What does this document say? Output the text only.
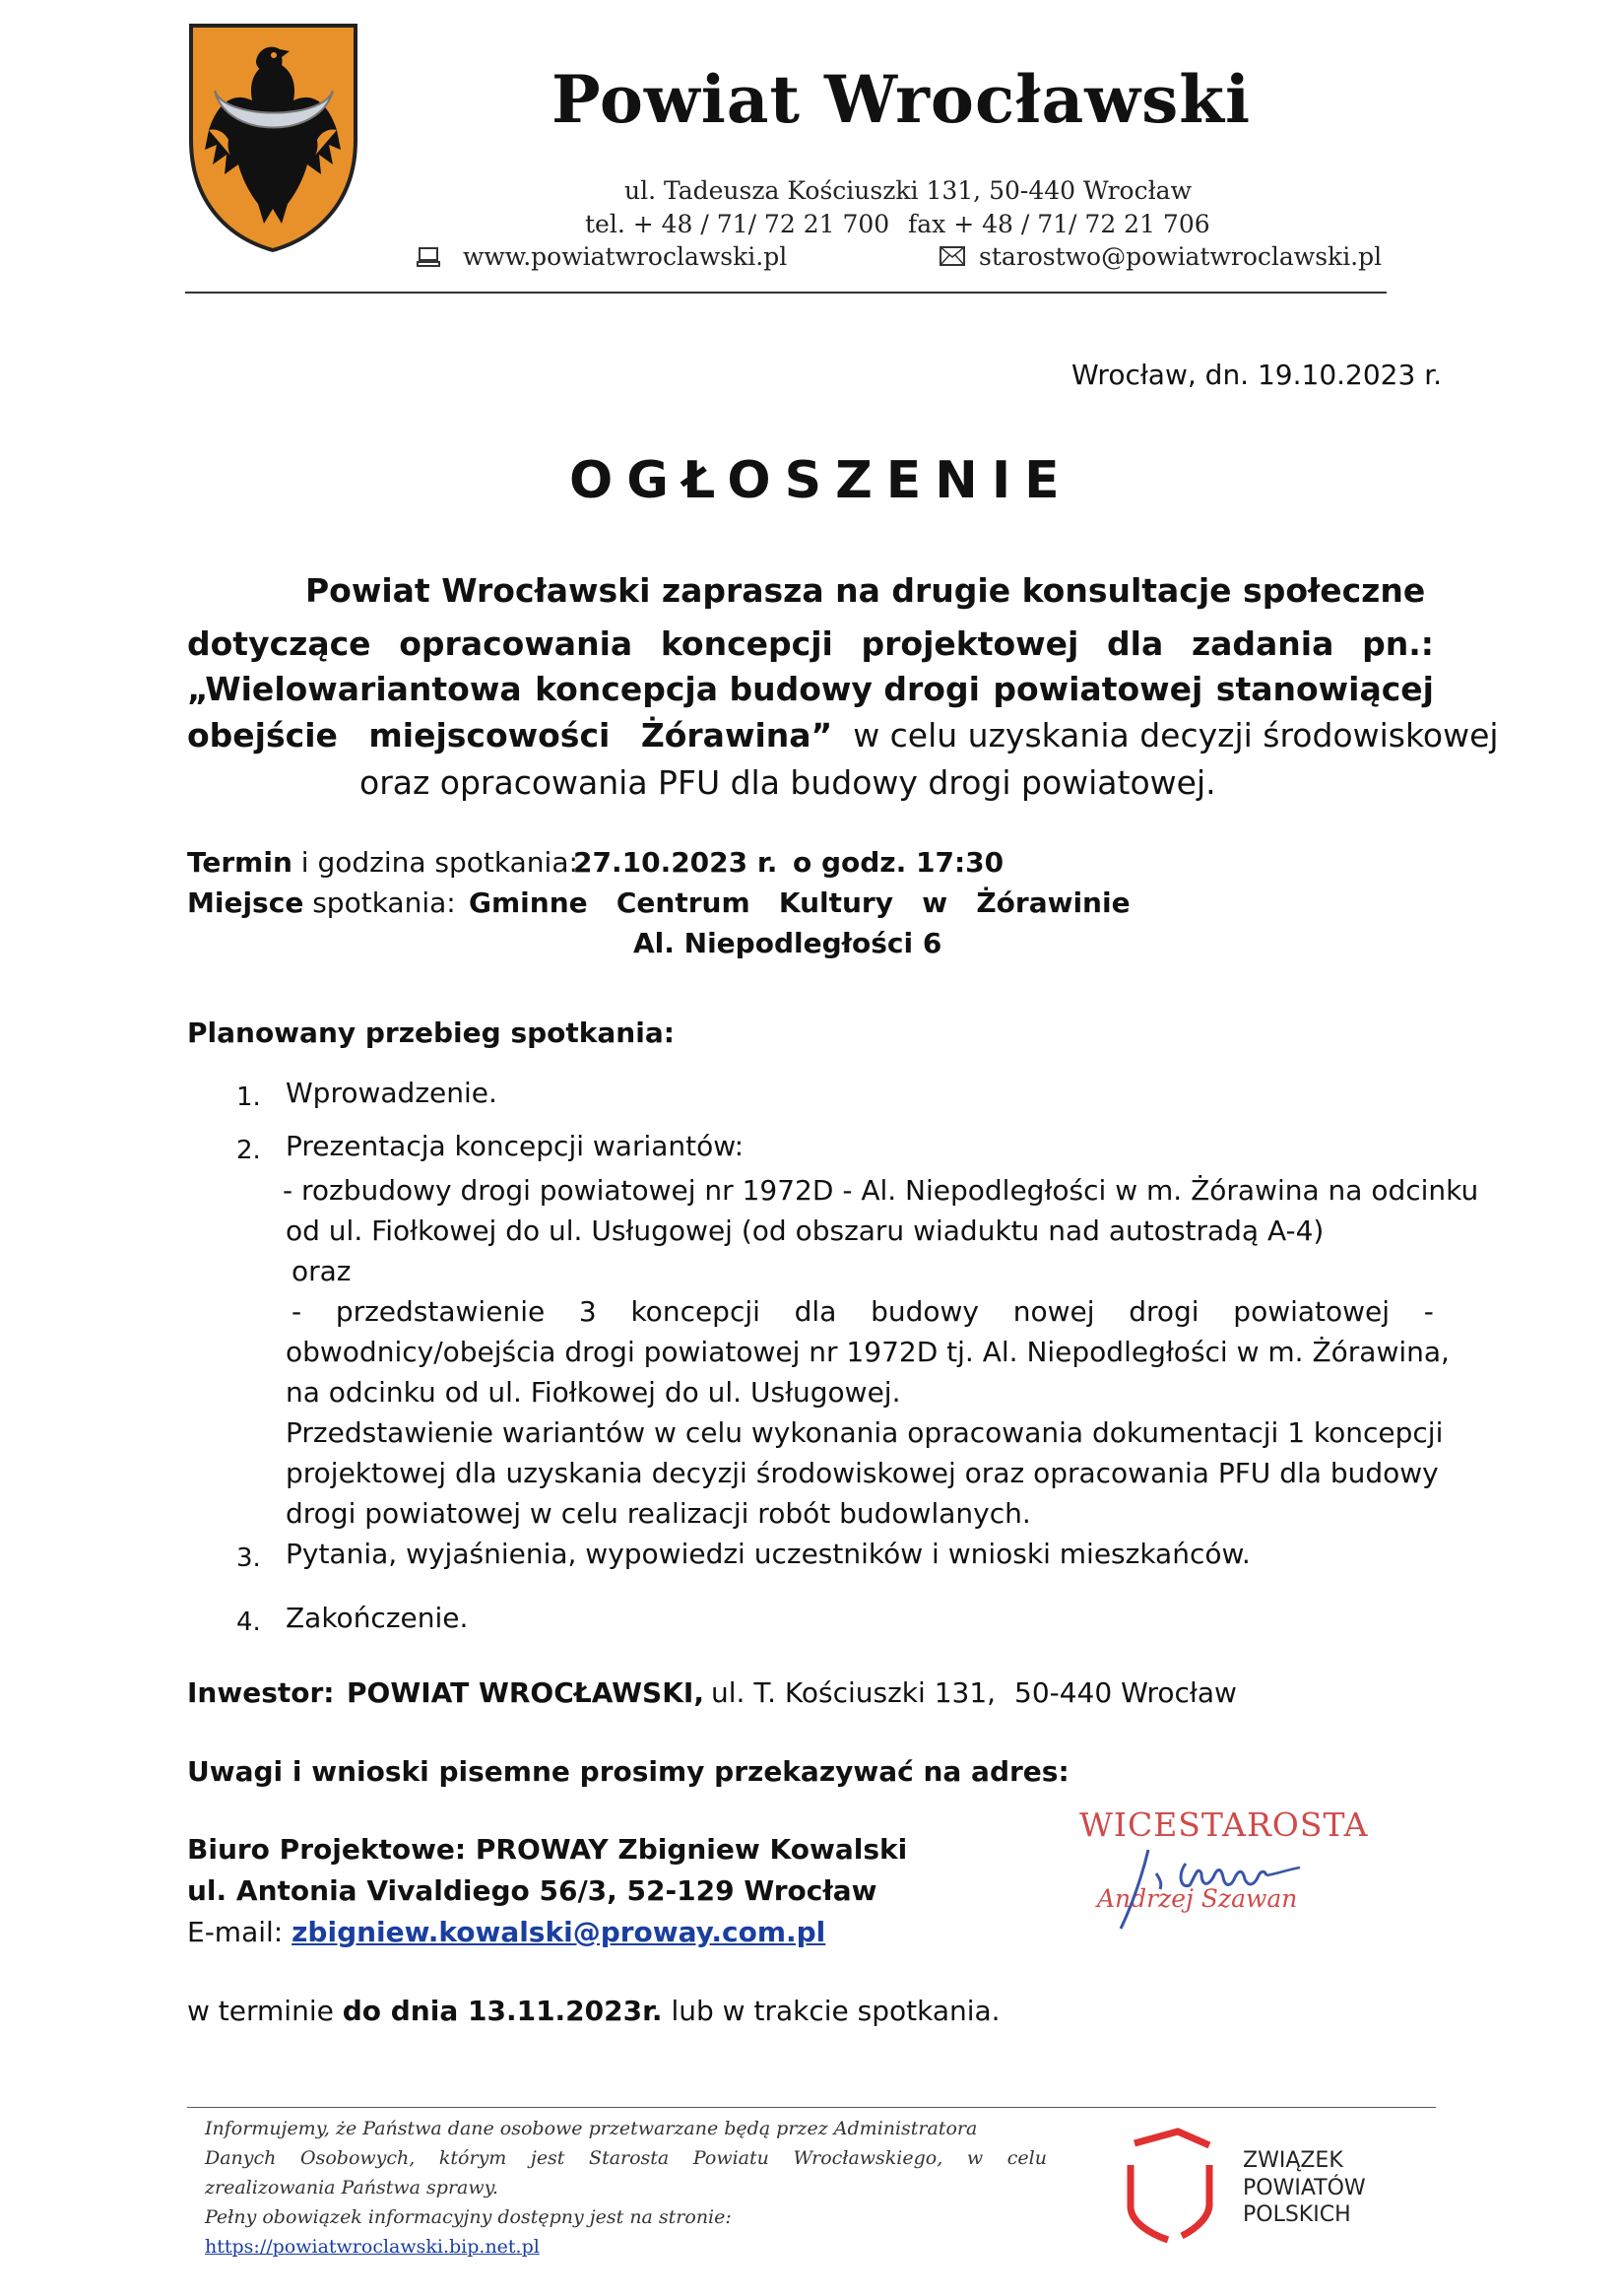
Powiat Wrocławski
ul. Tadeusza Kościuszki 131, 50-440 Wrocław
tel. + 48 / 71/ 72 21 700 fax + 48 / 71/ 72 21 706
www.powiatwroclawski.pl	starostwo@powiatwroclawski.pl
Wrocław, dn. 19.10.2023 r.
OGŁOSZENIE
Powiat Wrocławski zaprasza na drugie konsultacje społeczne
dotyczące opracowania koncepcji projektowej dla zadania pn.:
„Wielowariantowa koncepcja budowy drogi powiatowej stanowiącej
obejście miejscowości Żórawina” w celu uzyskania decyzji środowiskowej
oraz opracowania PFU dla budowy drogi powiatowej.
Termin i godzina spotkania:
27.10.2023 r. o godz. 17:30
Miejsce spotkania: Gminne   Centrum   Kultury   w   Żórawinie
Al. Niepodległości 6
Planowany przebieg spotkania:
1. Wprowadzenie.
2. Prezentacja koncepcji wariantów:
- rozbudowy drogi powiatowej nr 1972D - Al. Niepodległości w m. Żórawina na odcinku
od ul. Fiołkowej do ul. Usługowej (od obszaru wiaduktu nad autostradą A-4)
oraz
- przedstawienie 3 koncepcji dla budowy nowej drogi powiatowej -
obwodnicy/obejścia drogi powiatowej nr 1972D tj. Al. Niepodległości w m. Żórawina,
na odcinku od ul. Fiołkowej do ul. Usługowej.
Przedstawienie wariantów w celu wykonania opracowania dokumentacji 1 koncepcji
projektowej dla uzyskania decyzji środowiskowej oraz opracowania PFU dla budowy
drogi powiatowej w celu realizacji robót budowlanych.
3. Pytania, wyjaśnienia, wypowiedzi uczestników i wnioski mieszkańców.
4. Zakończenie.
Inwestor: POWIAT WROCŁAWSKI, ul. T. Kościuszki 131, 50-440 Wrocław
Uwagi i wnioski pisemne prosimy przekazywać na adres:
Biuro Projektowe: PROWAY Zbigniew Kowalski
ul. Antonia Vivaldiego 56/3, 52-129 Wrocław
E-mail: zbigniew.kowalski@proway.com.pl
w terminie do dnia 13.11.2023r. lub w trakcie spotkania.
WICESTAROSTA
Andrzej Szawan
Informujemy, że Państwa dane osobowe przetwarzane będą przez Administratora
Danych Osobowych, którym jest Starosta Powiatu Wrocławskiego, w celu
zrealizowania Państwa sprawy.
Pełny obowiązek informacyjny dostępny jest na stronie:
https://powiatwroclawski.bip.net.pl
ZWIĄZEK
POWIATÓW
POLSKICH
